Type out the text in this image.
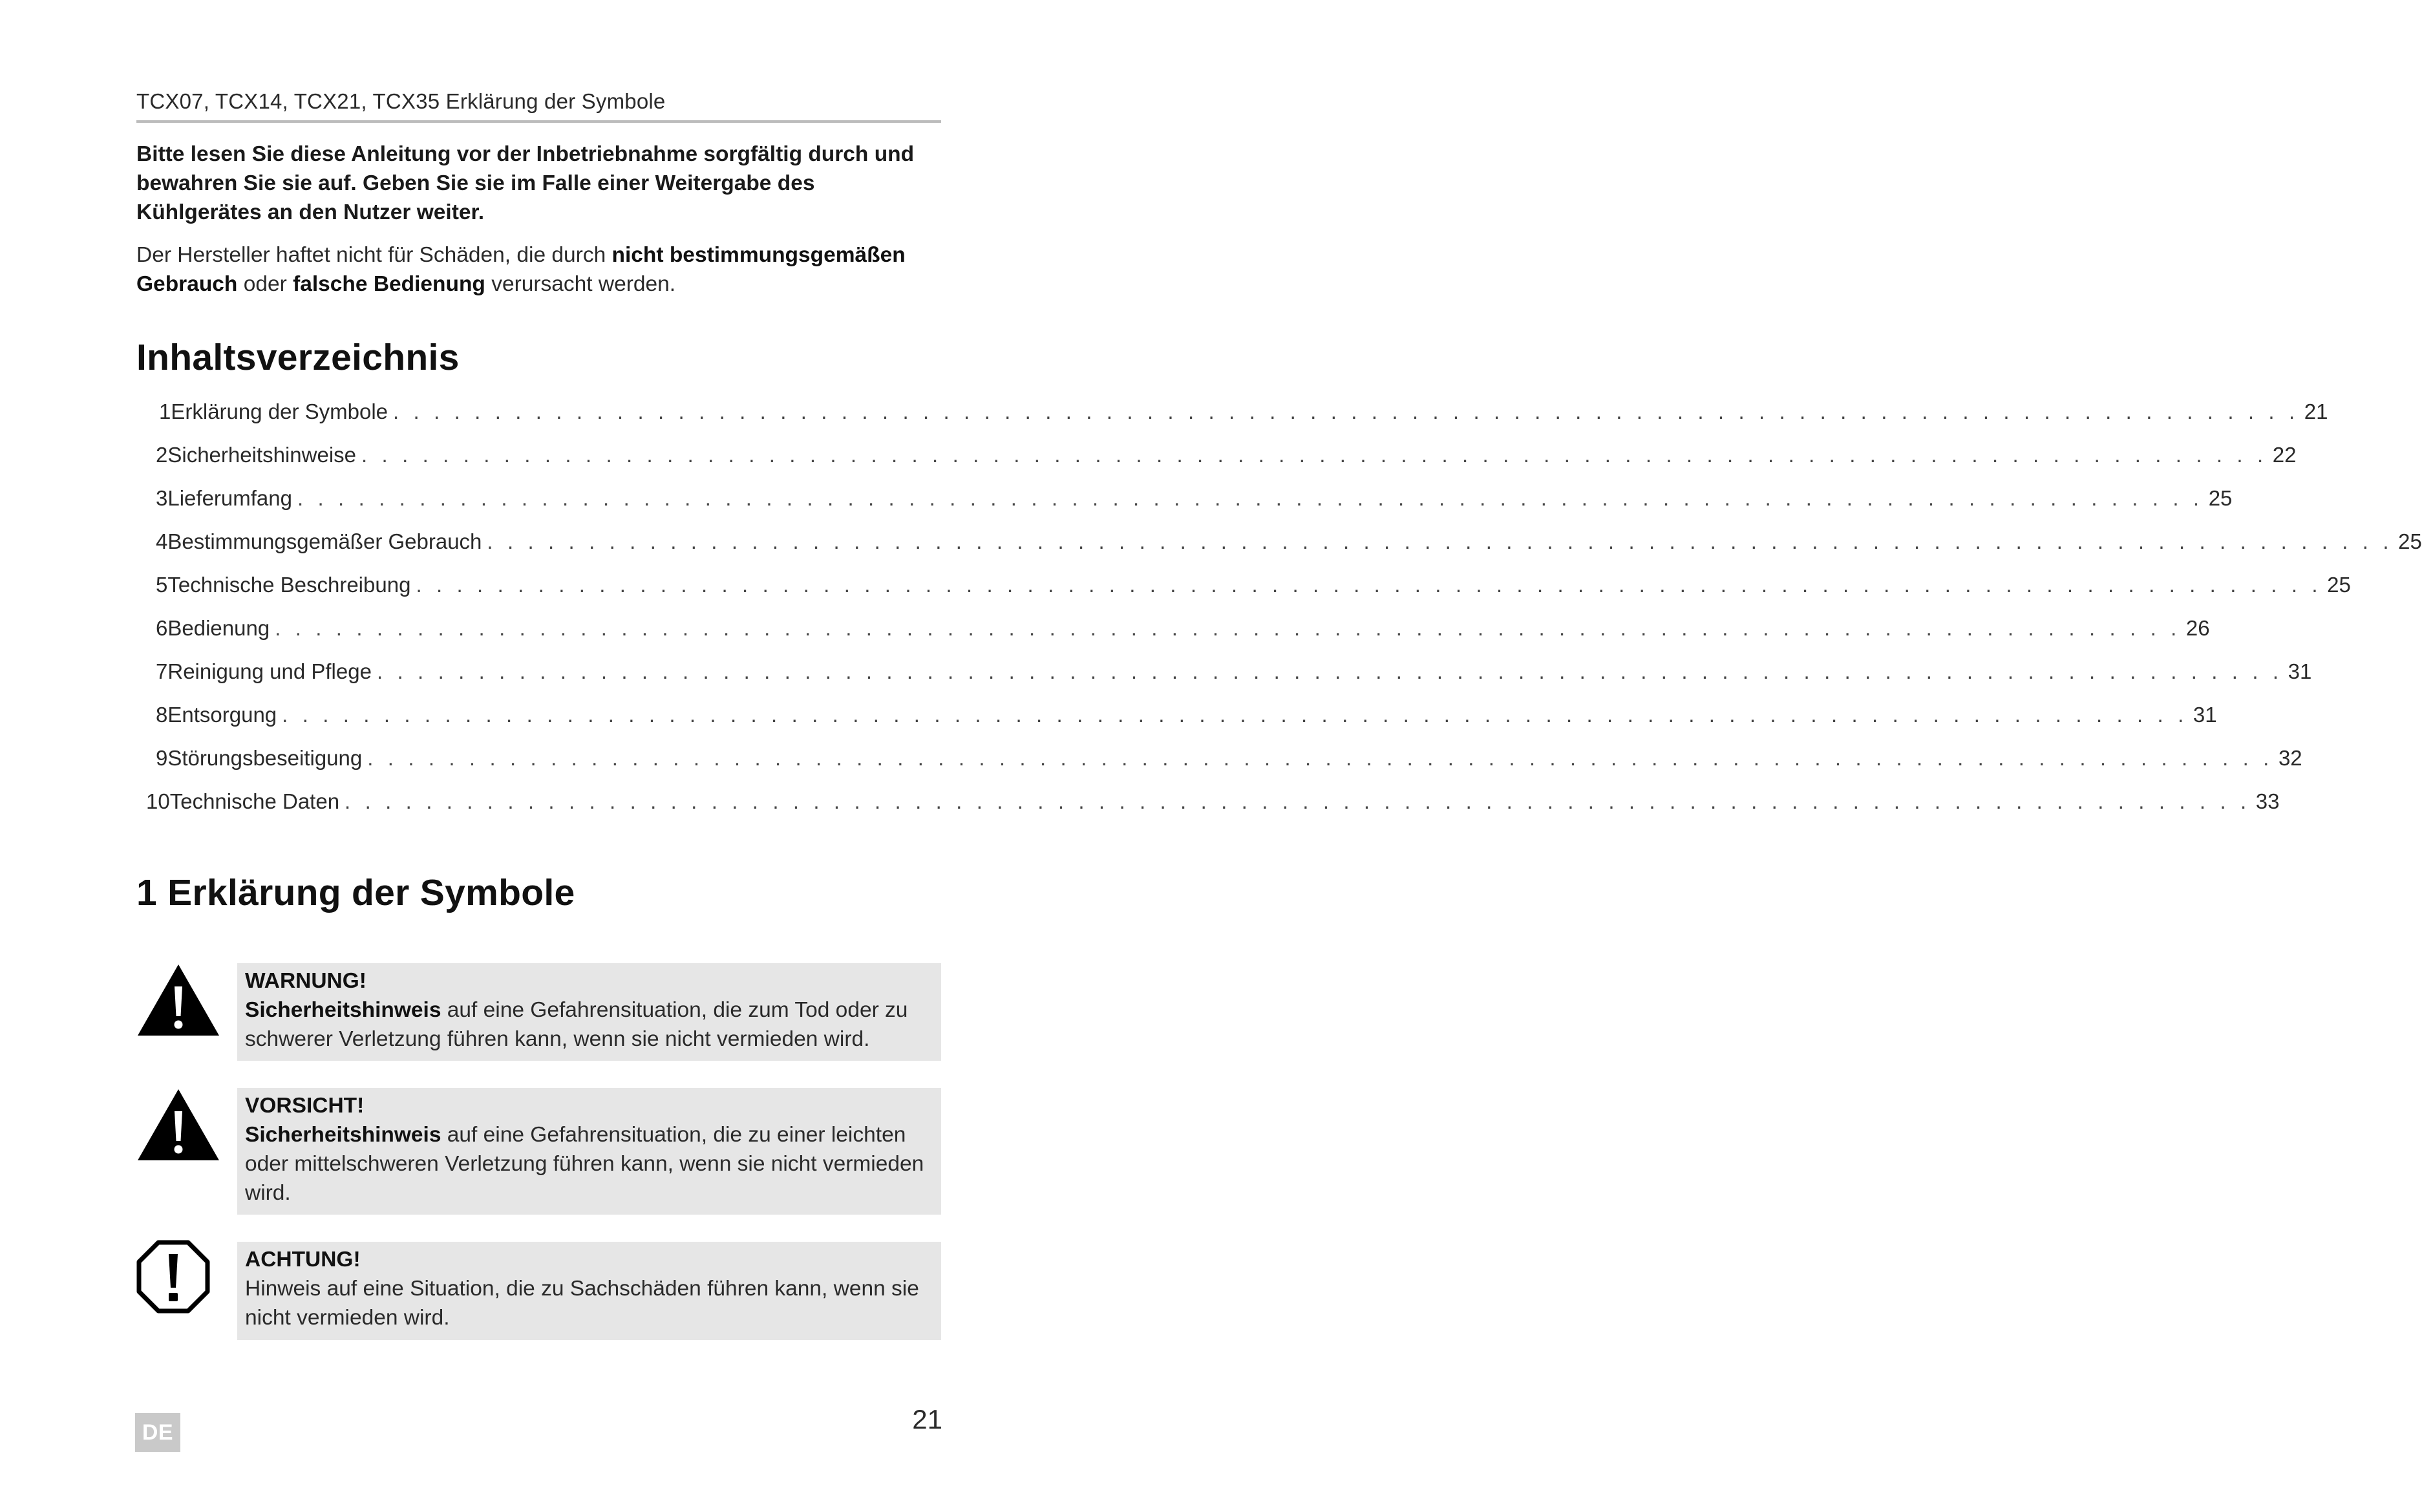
TCX07, TCX14, TCX21, TCX35 Erklärung der Symbole

Bitte lesen Sie diese Anleitung vor der Inbetriebnahme sorgfältig durch und bewahren Sie sie auf. Geben Sie sie im Falle einer Weitergabe des Kühlgerätes an den Nutzer weiter.

Der Hersteller haftet nicht für Schäden, die durch nicht bestimmungsgemäßen Gebrauch oder falsche Bedienung verursacht werden.

Inhaltsverzeichnis
1 Erklärung der Symbole . . . . . . . . . . . . . . . . . . . . . . . . . . . . . . . . . . . . . . . . . . . . . . . . . . . . . . . . . . . . . . . . . . . . . . . . . . . . . . . . . . . . . . . . . . . . . . 21
2 Sicherheitshinweise . . . . . . . . . . . . . . . . . . . . . . . . . . . . . . . . . . . . . . . . . . . . . . . . . . . . . . . . . . . . . . . . . . . . . . . . . . . . . . . . . . . . . . . . . . . . . . 22
3 Lieferumfang . . . . . . . . . . . . . . . . . . . . . . . . . . . . . . . . . . . . . . . . . . . . . . . . . . . . . . . . . . . . . . . . . . . . . . . . . . . . . . . . . . . . . . . . . . . . . . 25
4 Bestimmungsgemäßer Gebrauch . . . . . . . . . . . . . . . . . . . . . . . . . . . . . . . . . . . . . . . . . . . . . . . . . . . . . . . . . . . . . . . . . . . . . . . . . . . . . . . . . . . . . . . . . . . . . . 25
5 Technische Beschreibung . . . . . . . . . . . . . . . . . . . . . . . . . . . . . . . . . . . . . . . . . . . . . . . . . . . . . . . . . . . . . . . . . . . . . . . . . . . . . . . . . . . . . . . . . . . . . . 25
6 Bedienung . . . . . . . . . . . . . . . . . . . . . . . . . . . . . . . . . . . . . . . . . . . . . . . . . . . . . . . . . . . . . . . . . . . . . . . . . . . . . . . . . . . . . . . . . . . . . . 26
7 Reinigung und Pflege . . . . . . . . . . . . . . . . . . . . . . . . . . . . . . . . . . . . . . . . . . . . . . . . . . . . . . . . . . . . . . . . . . . . . . . . . . . . . . . . . . . . . . . . . . . . . . 31
8 Entsorgung . . . . . . . . . . . . . . . . . . . . . . . . . . . . . . . . . . . . . . . . . . . . . . . . . . . . . . . . . . . . . . . . . . . . . . . . . . . . . . . . . . . . . . . . . . . . . . 31
9 Störungsbeseitigung . . . . . . . . . . . . . . . . . . . . . . . . . . . . . . . . . . . . . . . . . . . . . . . . . . . . . . . . . . . . . . . . . . . . . . . . . . . . . . . . . . . . . . . . . . . . . . 32
10 Technische Daten . . . . . . . . . . . . . . . . . . . . . . . . . . . . . . . . . . . . . . . . . . . . . . . . . . . . . . . . . . . . . . . . . . . . . . . . . . . . . . . . . . . . . . . . . . . . . . 33
1 Erklärung der Symbole
WARNUNG!

Sicherheitshinweis auf eine Gefahrensituation, die zum Tod oder zu schwerer Verletzung führen kann, wenn sie nicht vermieden wird.

VORSICHT!

Sicherheitshinweis auf eine Gefahrensituation, die zu einer leichten oder mittelschweren Verletzung führen kann, wenn sie nicht vermieden wird.

ACHTUNG!

Hinweis auf eine Situation, die zu Sachschäden führen kann, wenn sie nicht vermieden wird.

DE	21
